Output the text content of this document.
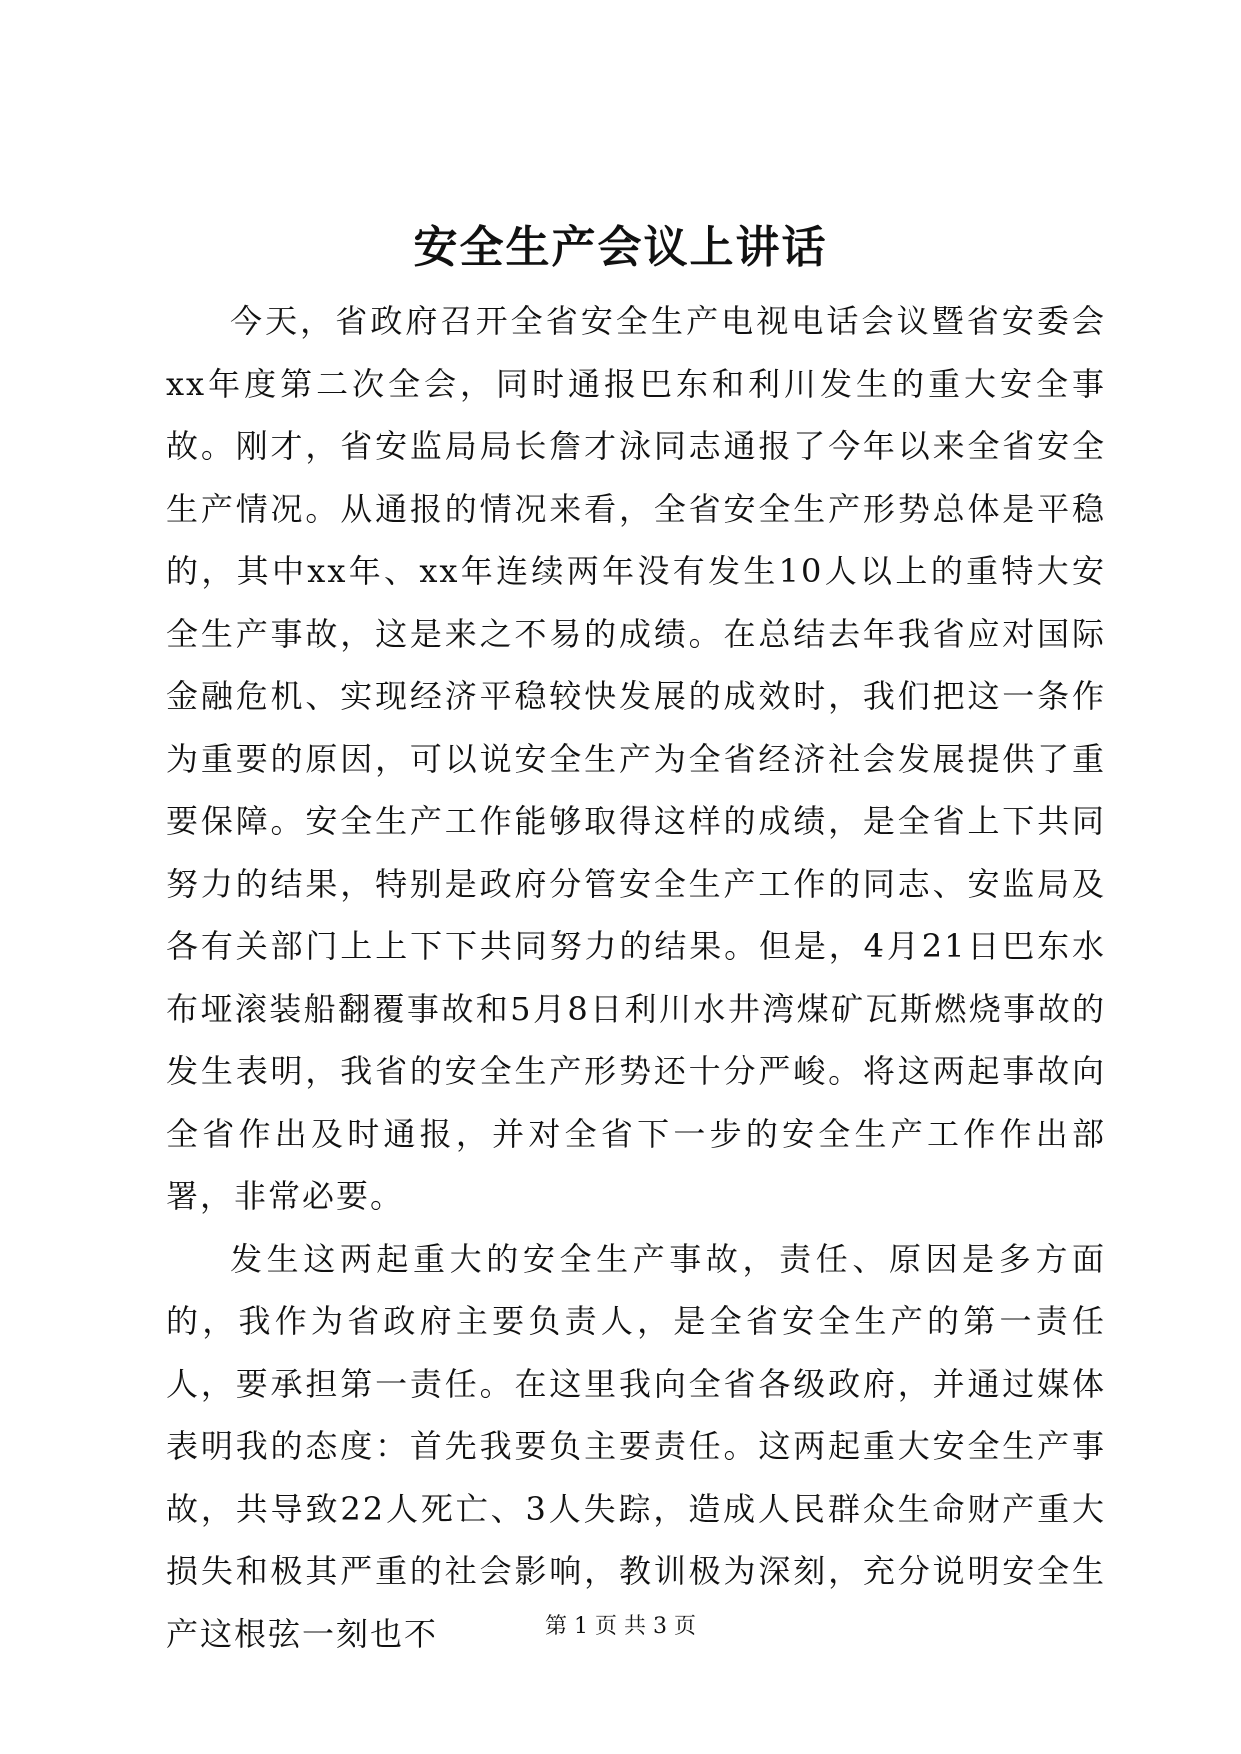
安全生产会议上讲话

今天，省政府召开全省安全生产电视电话会议暨省安委会xx年度第二次全会，同时通报巴东和利川发生的重大安全事故。刚才，省安监局局长詹才泳同志通报了今年以来全省安全生产情况。从通报的情况来看，全省安全生产形势总体是平稳的，其中xx年、xx年连续两年没有发生10人以上的重特大安全生产事故，这是来之不易的成绩。在总结去年我省应对国际金融危机、实现经济平稳较快发展的成效时，我们把这一条作为重要的原因，可以说安全生产为全省经济社会发展提供了重要保障。安全生产工作能够取得这样的成绩，是全省上下共同努力的结果，特别是政府分管安全生产工作的同志、安监局及各有关部门上上下下共同努力的结果。但是，4月21日巴东水布垭滚装船翻覆事故和5月8日利川水井湾煤矿瓦斯燃烧事故的发生表明，我省的安全生产形势还十分严峻。将这两起事故向全省作出及时通报，并对全省下一步的安全生产工作作出部署，非常必要。

发生这两起重大的安全生产事故，责任、原因是多方面的，我作为省政府主要负责人，是全省安全生产的第一责任人，要承担第一责任。在这里我向全省各级政府，并通过媒体表明我的态度：首先我要负主要责任。这两起重大安全生产事故，共导致22人死亡、3人失踪，造成人民群众生命财产重大损失和极其严重的社会影响，教训极为深刻，充分说明安全生产这根弦一刻也不	第 1 页 共 3 页
